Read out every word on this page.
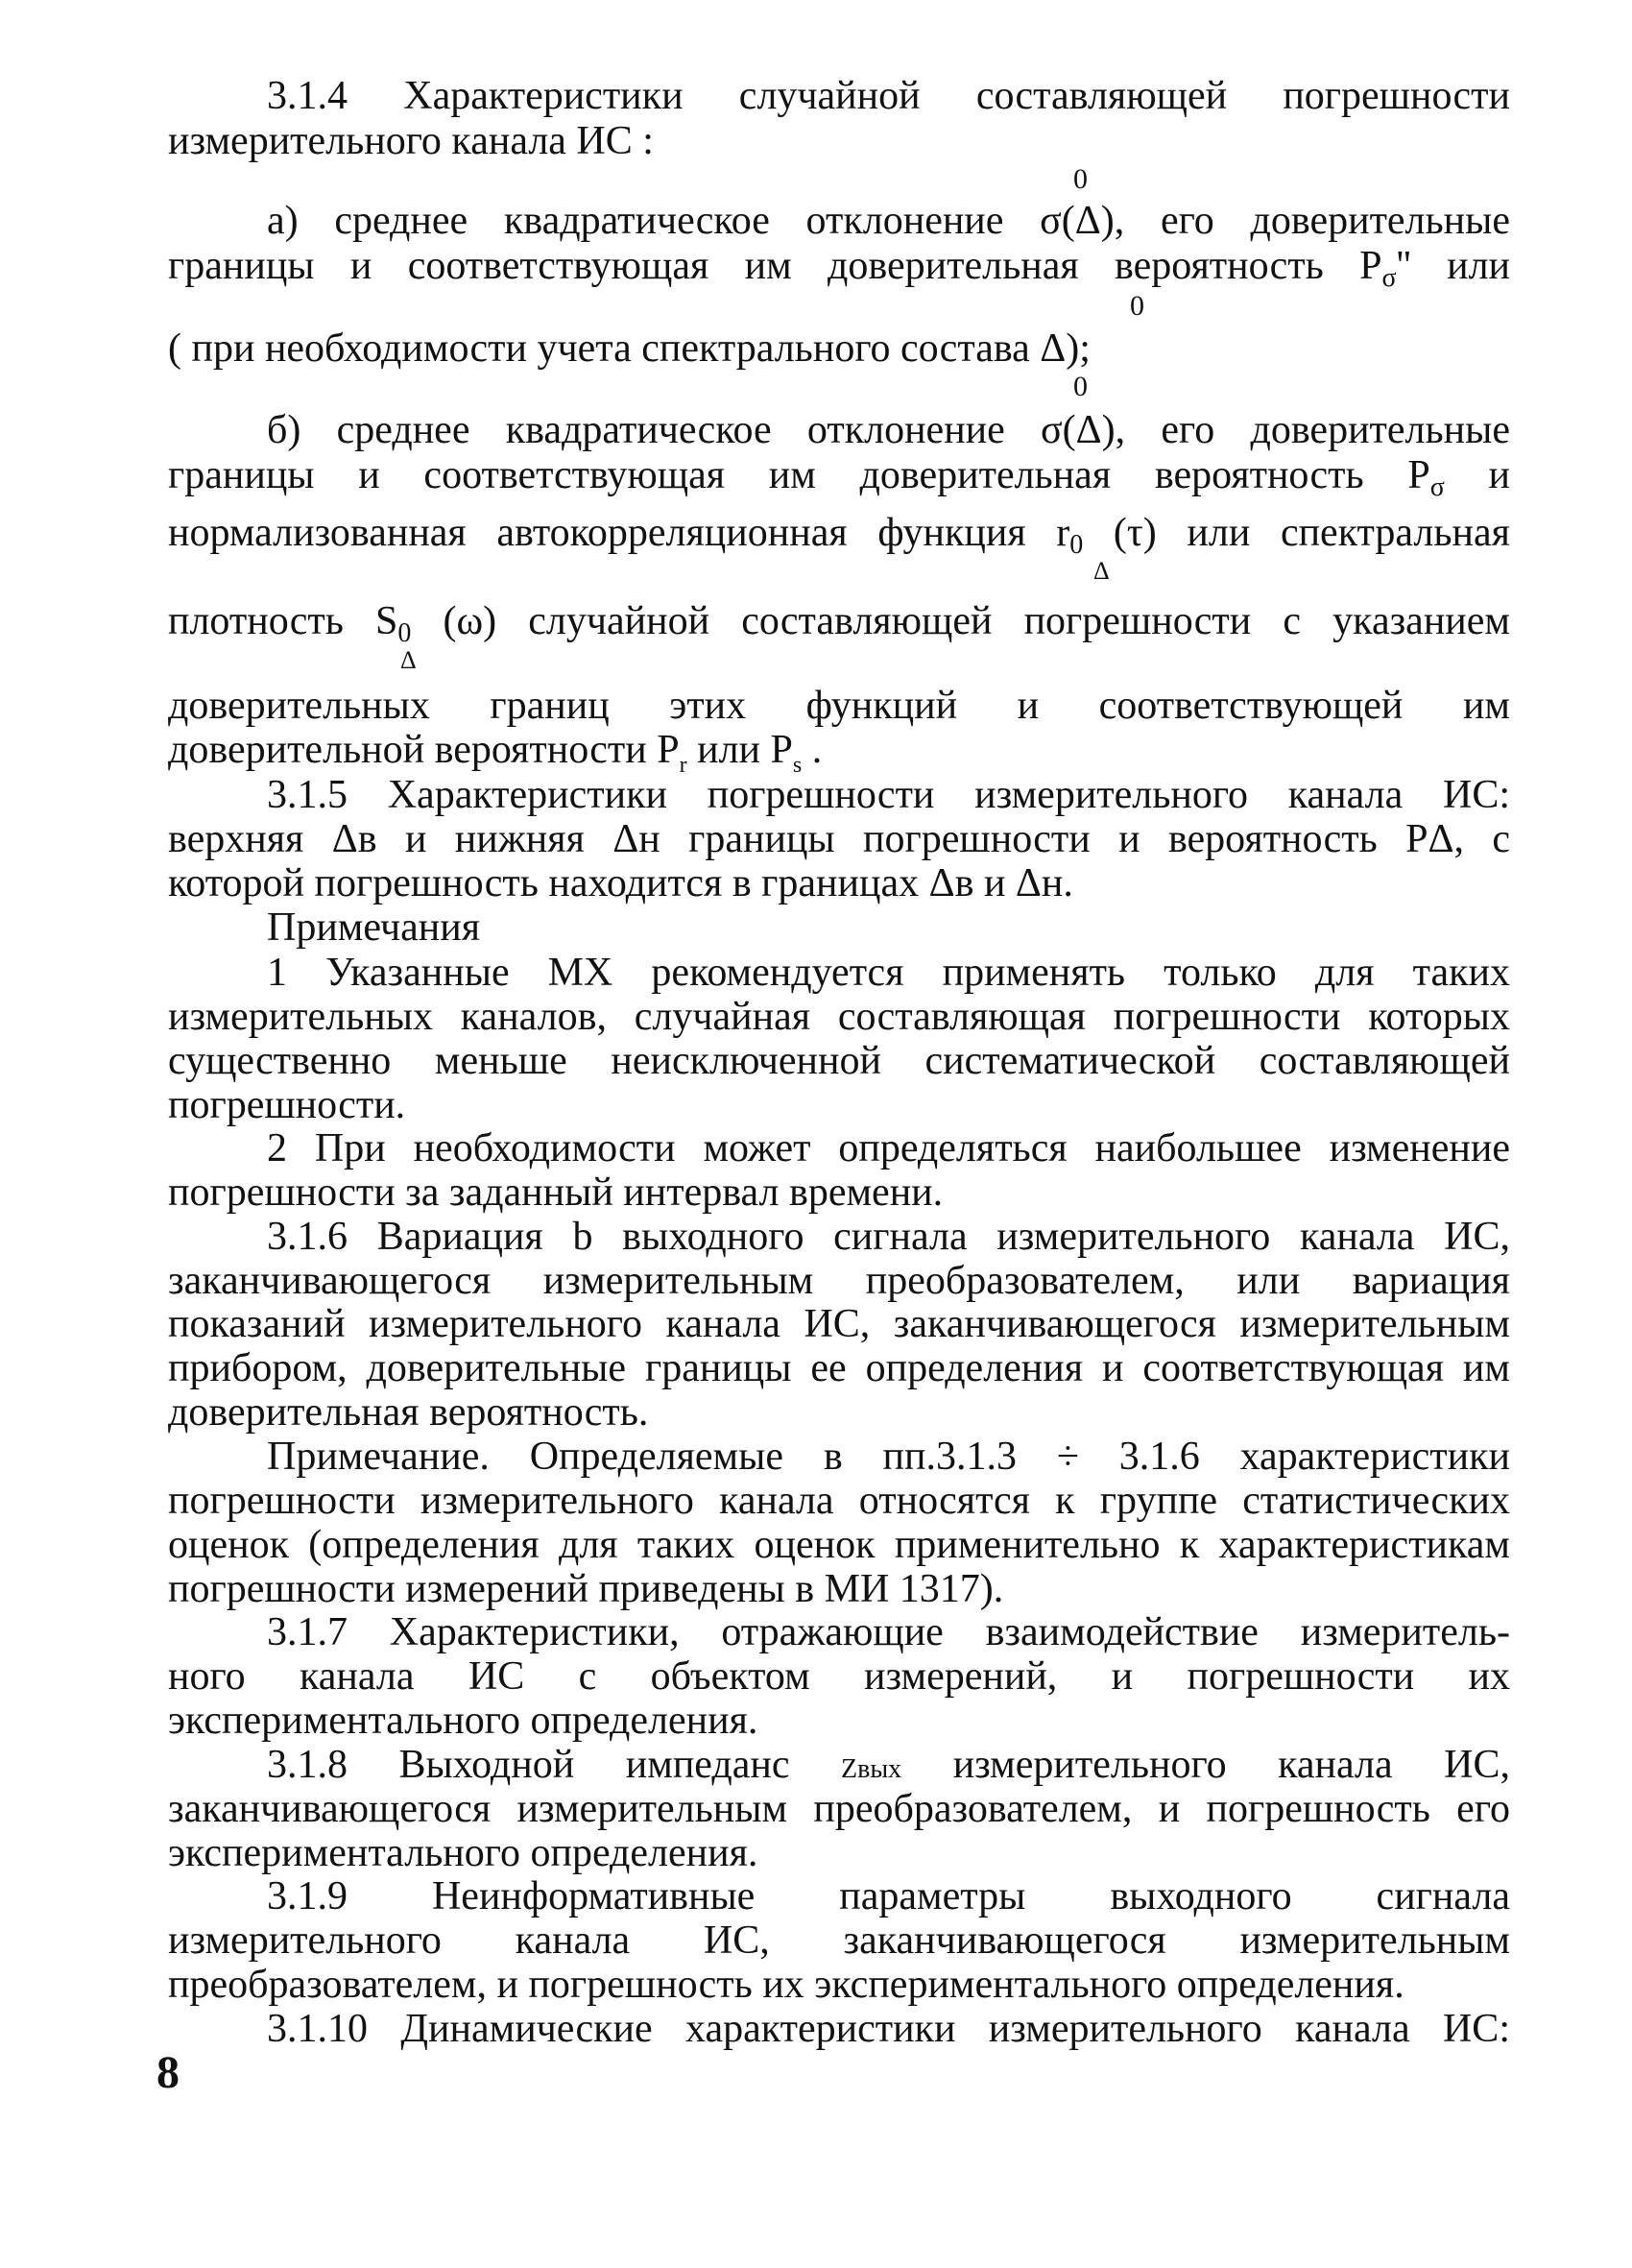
3.1.4 Характеристики случайной составляющей погрешности
измерительного канала ИС :
0
а) среднее квадратическое отклонение σ(Δ), его доверительные
границы и соответствующая им доверительная вероятность Pσ'' или
0
( при необходимости учета спектрального состава Δ);
0
б) среднее квадратическое отклонение σ(Δ), его доверительные
границы и соответствующая им доверительная вероятность Pσ и
нормализованная автокорреляционная функция r0 (τ) или спектральная
Δ
плотность S0 (ω) случайной составляющей погрешности с указанием
Δ
доверительных границ этих функций и соответствующей им
доверительной вероятности $P_r$ или $P_s$ .
3.1.5 Характеристики погрешности измерительного канала ИС:
верхняя Δв и нижняя Δн границы погрешности и вероятность РΔ, с
которой погрешность находится в границах Δв и Δн.
Примечания
1 Указанные МХ рекомендуется применять только для таких
измерительных каналов, случайная составляющая погрешности которых
существенно меньше неисключенной систематической составляющей
погрешности.
2 При необходимости может определяться наибольшее изменение
погрешности за заданный интервал времени.
3.1.6 Вариация b выходного сигнала измерительного канала ИС,
заканчивающегося измерительным преобразователем, или вариация
показаний измерительного канала ИС, заканчивающегося измерительным
прибором, доверительные границы ее определения и соответствующая им
доверительная вероятность.
Примечание. Определяемые в пп.3.1.3 ÷ 3.1.6 характеристики
погрешности измерительного канала относятся к группе статистических
оценок (определения для таких оценок применительно к характеристикам
погрешности измерений приведены в МИ 1317).
3.1.7 Характеристики, отражающие взаимодействие измеритель-
ного канала ИС с объектом измерений, и погрешности их
экспериментального определения.
3.1.8 Выходной импеданс Zвых измерительного канала ИС,
заканчивающегося измерительным преобразователем, и погрешность его
экспериментального определения.
3.1.9 Неинформативные параметры выходного сигнала
измерительного канала ИС, заканчивающегося измерительным
преобразователем, и погрешность их экспериментального определения.
3.1.10 Динамические характеристики измерительного канала ИС:
8
